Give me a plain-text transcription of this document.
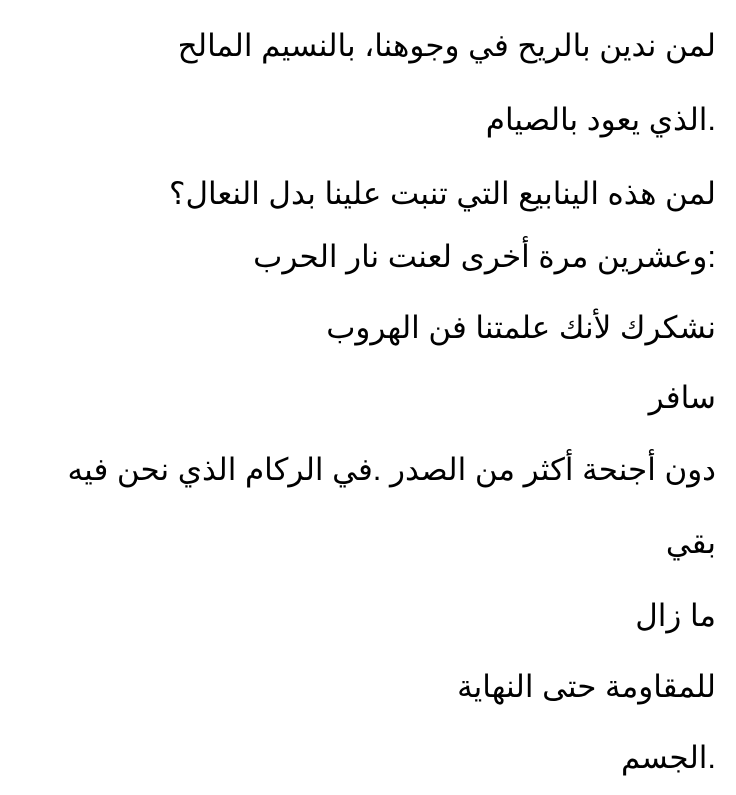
لمن ندين بالريح في وجوهنا، بالنسيم المالح

.الذي يعود بالصيام

لمن هذه الينابيع التي تنبت علينا بدل النعال؟

:وعشرين مرة أخرى لعنت نار الحرب

نشكرك لأنك علمتنا فن الهروب

سافر

دون أجنحة أكثر من الصدر .في الركام الذي نحن فيه

بقي

ما زال

للمقاومة حتى النهاية

.الجسم
